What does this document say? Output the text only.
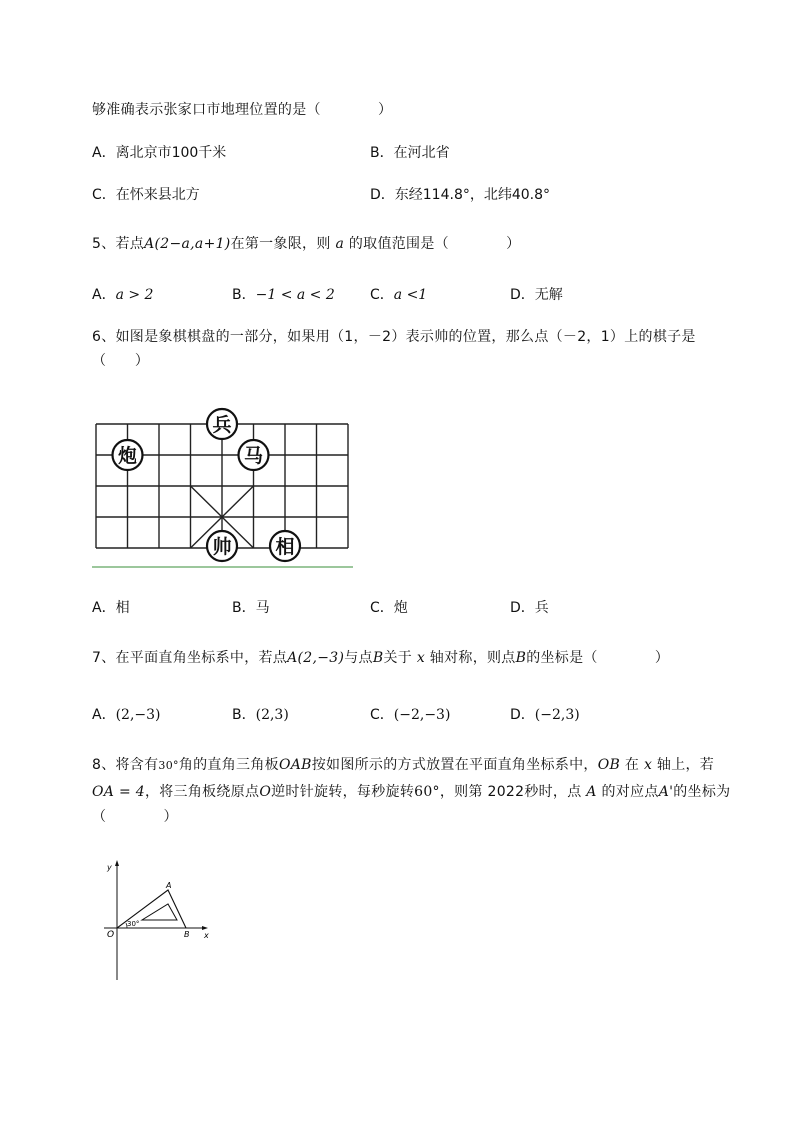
够准确表示张家口市地理位置的是（　　　　）
A．离北京市100千米	B．在河北省
C．在怀来县北方	D．东经114.8°，北纬40.8°
5、若点A(2−a,a+1)在第一象限，则 a 的取值范围是（　　　　）
A．a > 2	B．−1 < a < 2	C．a <1	D．无解
6、如图是象棋棋盘的一部分，如果用（1，－2）表示帅的位置，那么点（－2，1）上的棋子是
（　　）
兵
炮	马
帅 相
A．相	B．马	C．炮	D．兵
7、在平面直角坐标系中，若点A(2,−3)与点B关于 x 轴对称，则点B的坐标是（　　　　）
A．(2,−3)	B．(2,3)	C．(−2,−3)	D．(−2,3)
8、将含有30°角的直角三角板OAB按如图所示的方式放置在平面直角坐标系中，OB 在 x 轴上，若
OA = 4，将三角板绕原点O逆时针旋转，每秒旋转60°，则第 2022秒时，点 A 的对应点A'的坐标为
（　　　　）
y
x
O
A
B
30°
